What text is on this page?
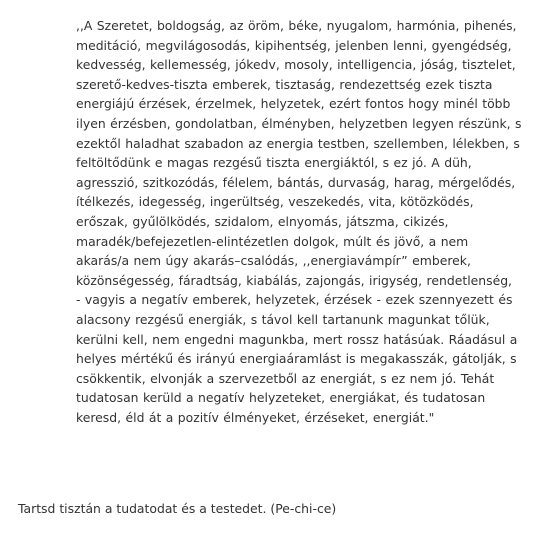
,,A Szeretet, boldogság, az öröm, béke, nyugalom, harmónia, pihenés,
meditáció, megvilágosodás, kipihentség, jelenben lenni, gyengédség,
kedvesség, kellemesség, jókedv, mosoly, intelligencia, jóság, tisztelet,
szerető-kedves-tiszta emberek, tisztaság, rendezettség ezek tiszta
energiájú érzések, érzelmek, helyzetek, ezért fontos hogy minél több
ilyen érzésben, gondolatban, élményben, helyzetben legyen részünk, s
ezektől haladhat szabadon az energia testben, szellemben, lélekben, s
feltöltődünk e magas rezgésű tiszta energiáktól, s ez jó. A düh,
agresszió, szitkozódás, félelem, bántás, durvaság, harag, mérgelődés,
ítélkezés, idegesség, ingerültség, veszekedés, vita, kötözködés,
erőszak, gyűlölködés, szidalom, elnyomás, játszma, cikizés,
maradék/befejezetlen-elintézetlen dolgok, múlt és jövő, a nem
akarás/a nem úgy akarás–csalódás, ,,energiavámpír” emberek,
közönségesség, fáradtság, kiabálás, zajongás, irigység, rendetlenség,
- vagyis a negatív emberek, helyzetek, érzések - ezek szennyezett és
alacsony rezgésű energiák, s távol kell tartanunk magunkat tőlük,
kerülni kell, nem engedni magunkba, mert rossz hatásúak. Ráadásul a
helyes mértékű és irányú energiaáramlást is megakasszák, gátolják, s
csökkentik, elvonják a szervezetből az energiát, s ez nem jó. Tehát
tudatosan kerüld a negatív helyzeteket, energiákat, és tudatosan
keresd, éld át a pozitív élményeket, érzéseket, energiát."
Tartsd tisztán a tudatodat és a testedet. (Pe-chi-ce)
